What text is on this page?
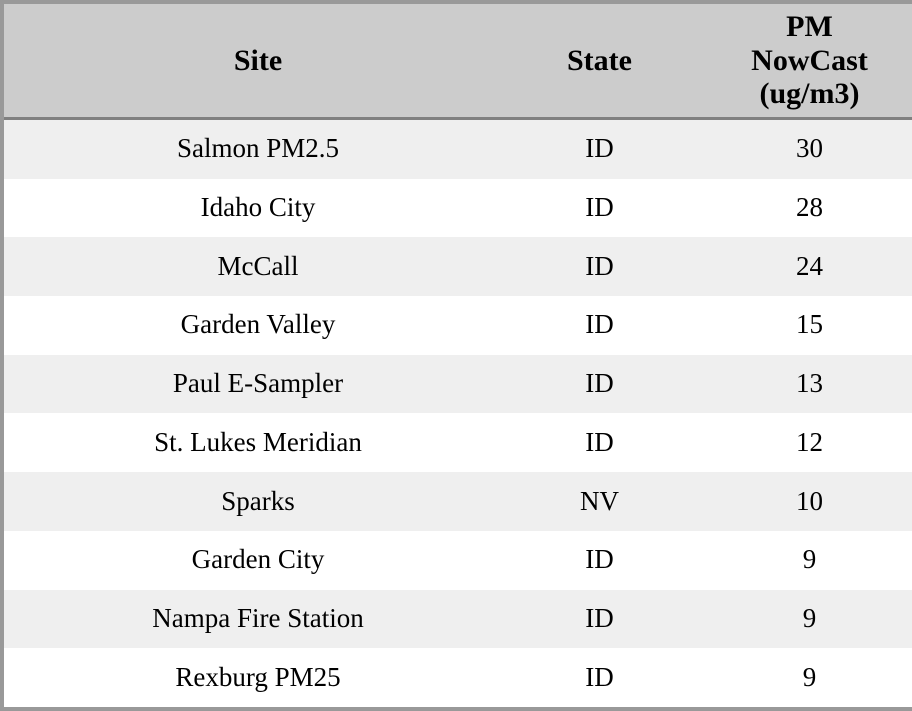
Site	State	PM
NowCast
(ug/m3)

Salmon PM2.5	ID	30
Idaho City	ID	28
McCall	ID	24
Garden Valley	ID	15
Paul E-Sampler	ID	13
St. Lukes Meridian	ID	12
Sparks	NV	10
Garden City	ID	9
Nampa Fire Station	ID	9
Rexburg PM25	ID	9
